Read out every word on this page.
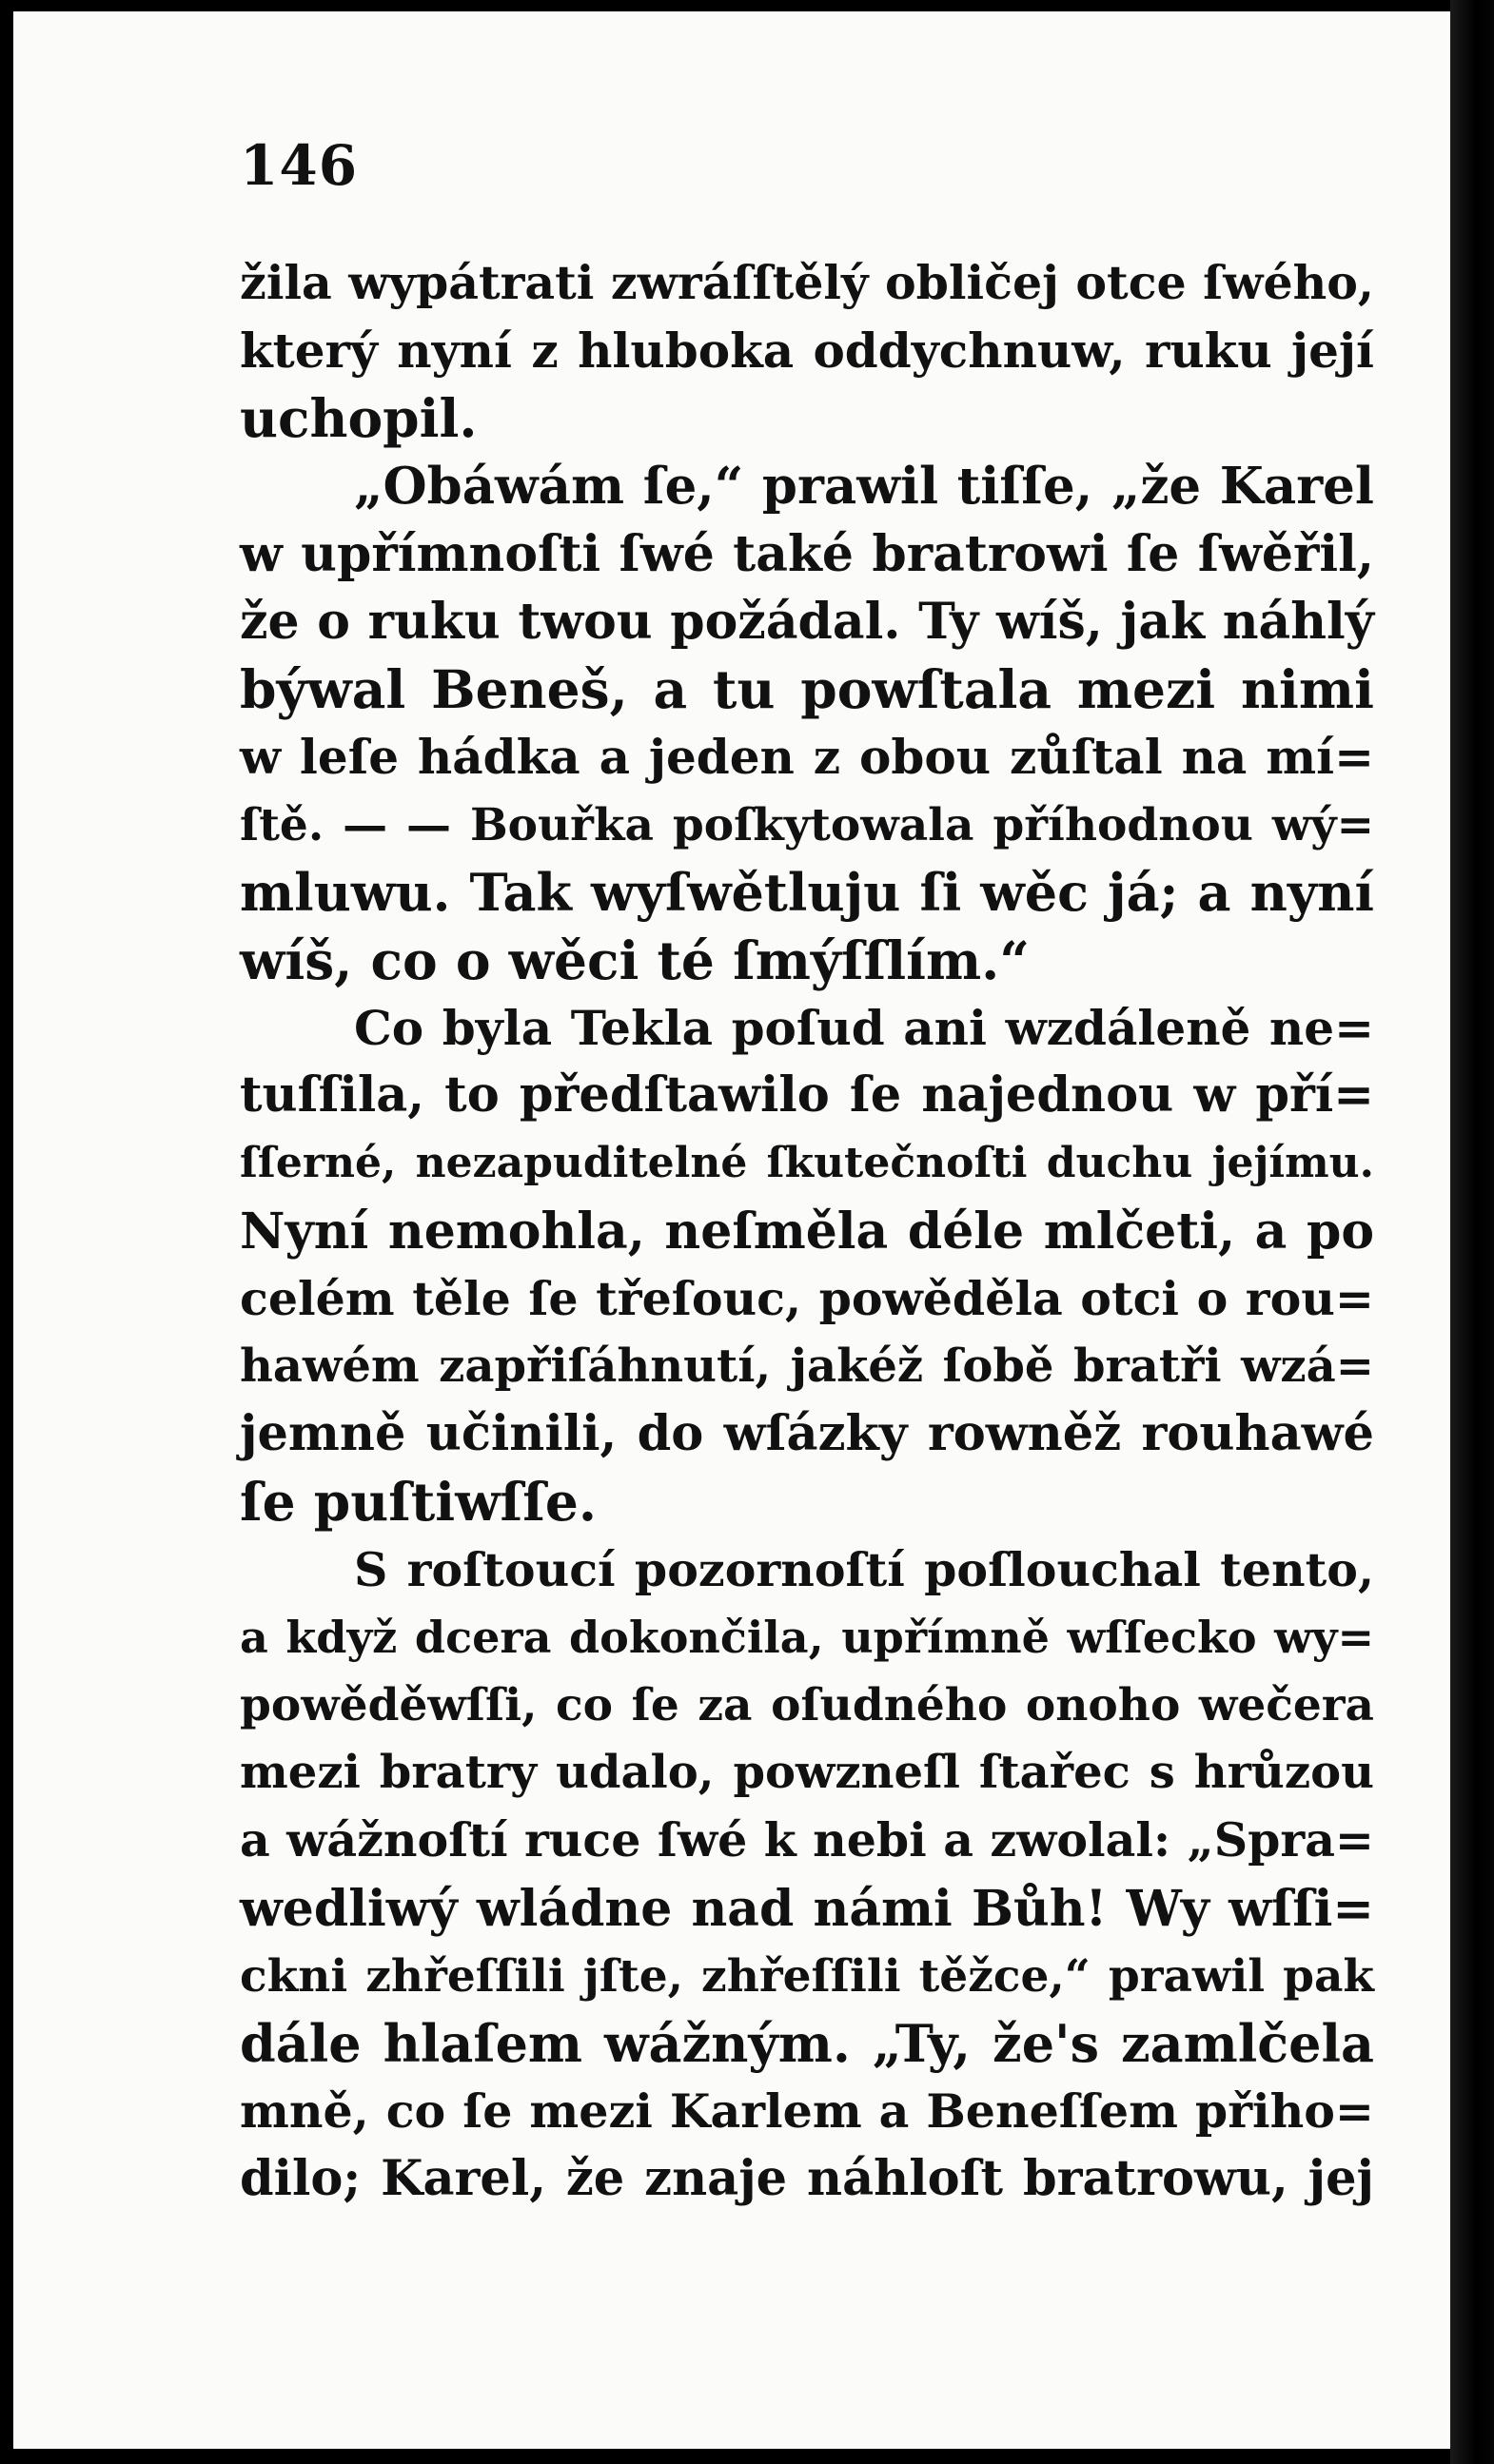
146
žila wypátrati zwráſſtělý obličej otce ſwého,
který nyní z hluboka oddychnuw, ruku její
uchopil.
„Obáwám ſe,“ prawil tiſſe, „že Karel
w upřímnoſti ſwé také bratrowi ſe ſwěřil,
že o ruku twou požádal. Ty wíš, jak náhlý
býwal Beneš, a tu powſtala mezi nimi
w leſe hádka a jeden z obou zůſtal na mí=
ſtě. — — Bouřka poſkytowala příhodnou wý=
mluwu. Tak wyſwětluju ſi wěc já; a nyní
wíš, co o wěci té ſmýſſlím.“
Co byla Tekla poſud ani wzdáleně ne=
tuſſila, to předſtawilo ſe najednou w pří=
ſſerné, nezapuditelné ſkutečnoſti duchu jejímu.
Nyní nemohla, neſměla déle mlčeti, a po
celém těle ſe třeſouc, powěděla otci o rou=
hawém zapřiſáhnutí, jakéž ſobě bratři wzá=
jemně učinili, do wſázky rowněž rouhawé
ſe puſtiwſſe.
S roſtoucí pozornoſtí poſlouchal tento,
a když dcera dokončila, upřímně wſſecko wy=
powěděwſſi, co ſe za oſudného onoho wečera
mezi bratry udalo, powzneſl ſtařec s hrůzou
a wážnoſtí ruce ſwé k nebi a zwolal: „Spra=
wedliwý wládne nad námi Bůh! Wy wſſi=
ckni zhřeſſili jſte, zhřeſſili těžce,“ prawil pak
dále hlaſem wážným. „Ty, že's zamlčela
mně, co ſe mezi Karlem a Beneſſem přiho=
dilo; Karel, že znaje náhloſt bratrowu, jej
